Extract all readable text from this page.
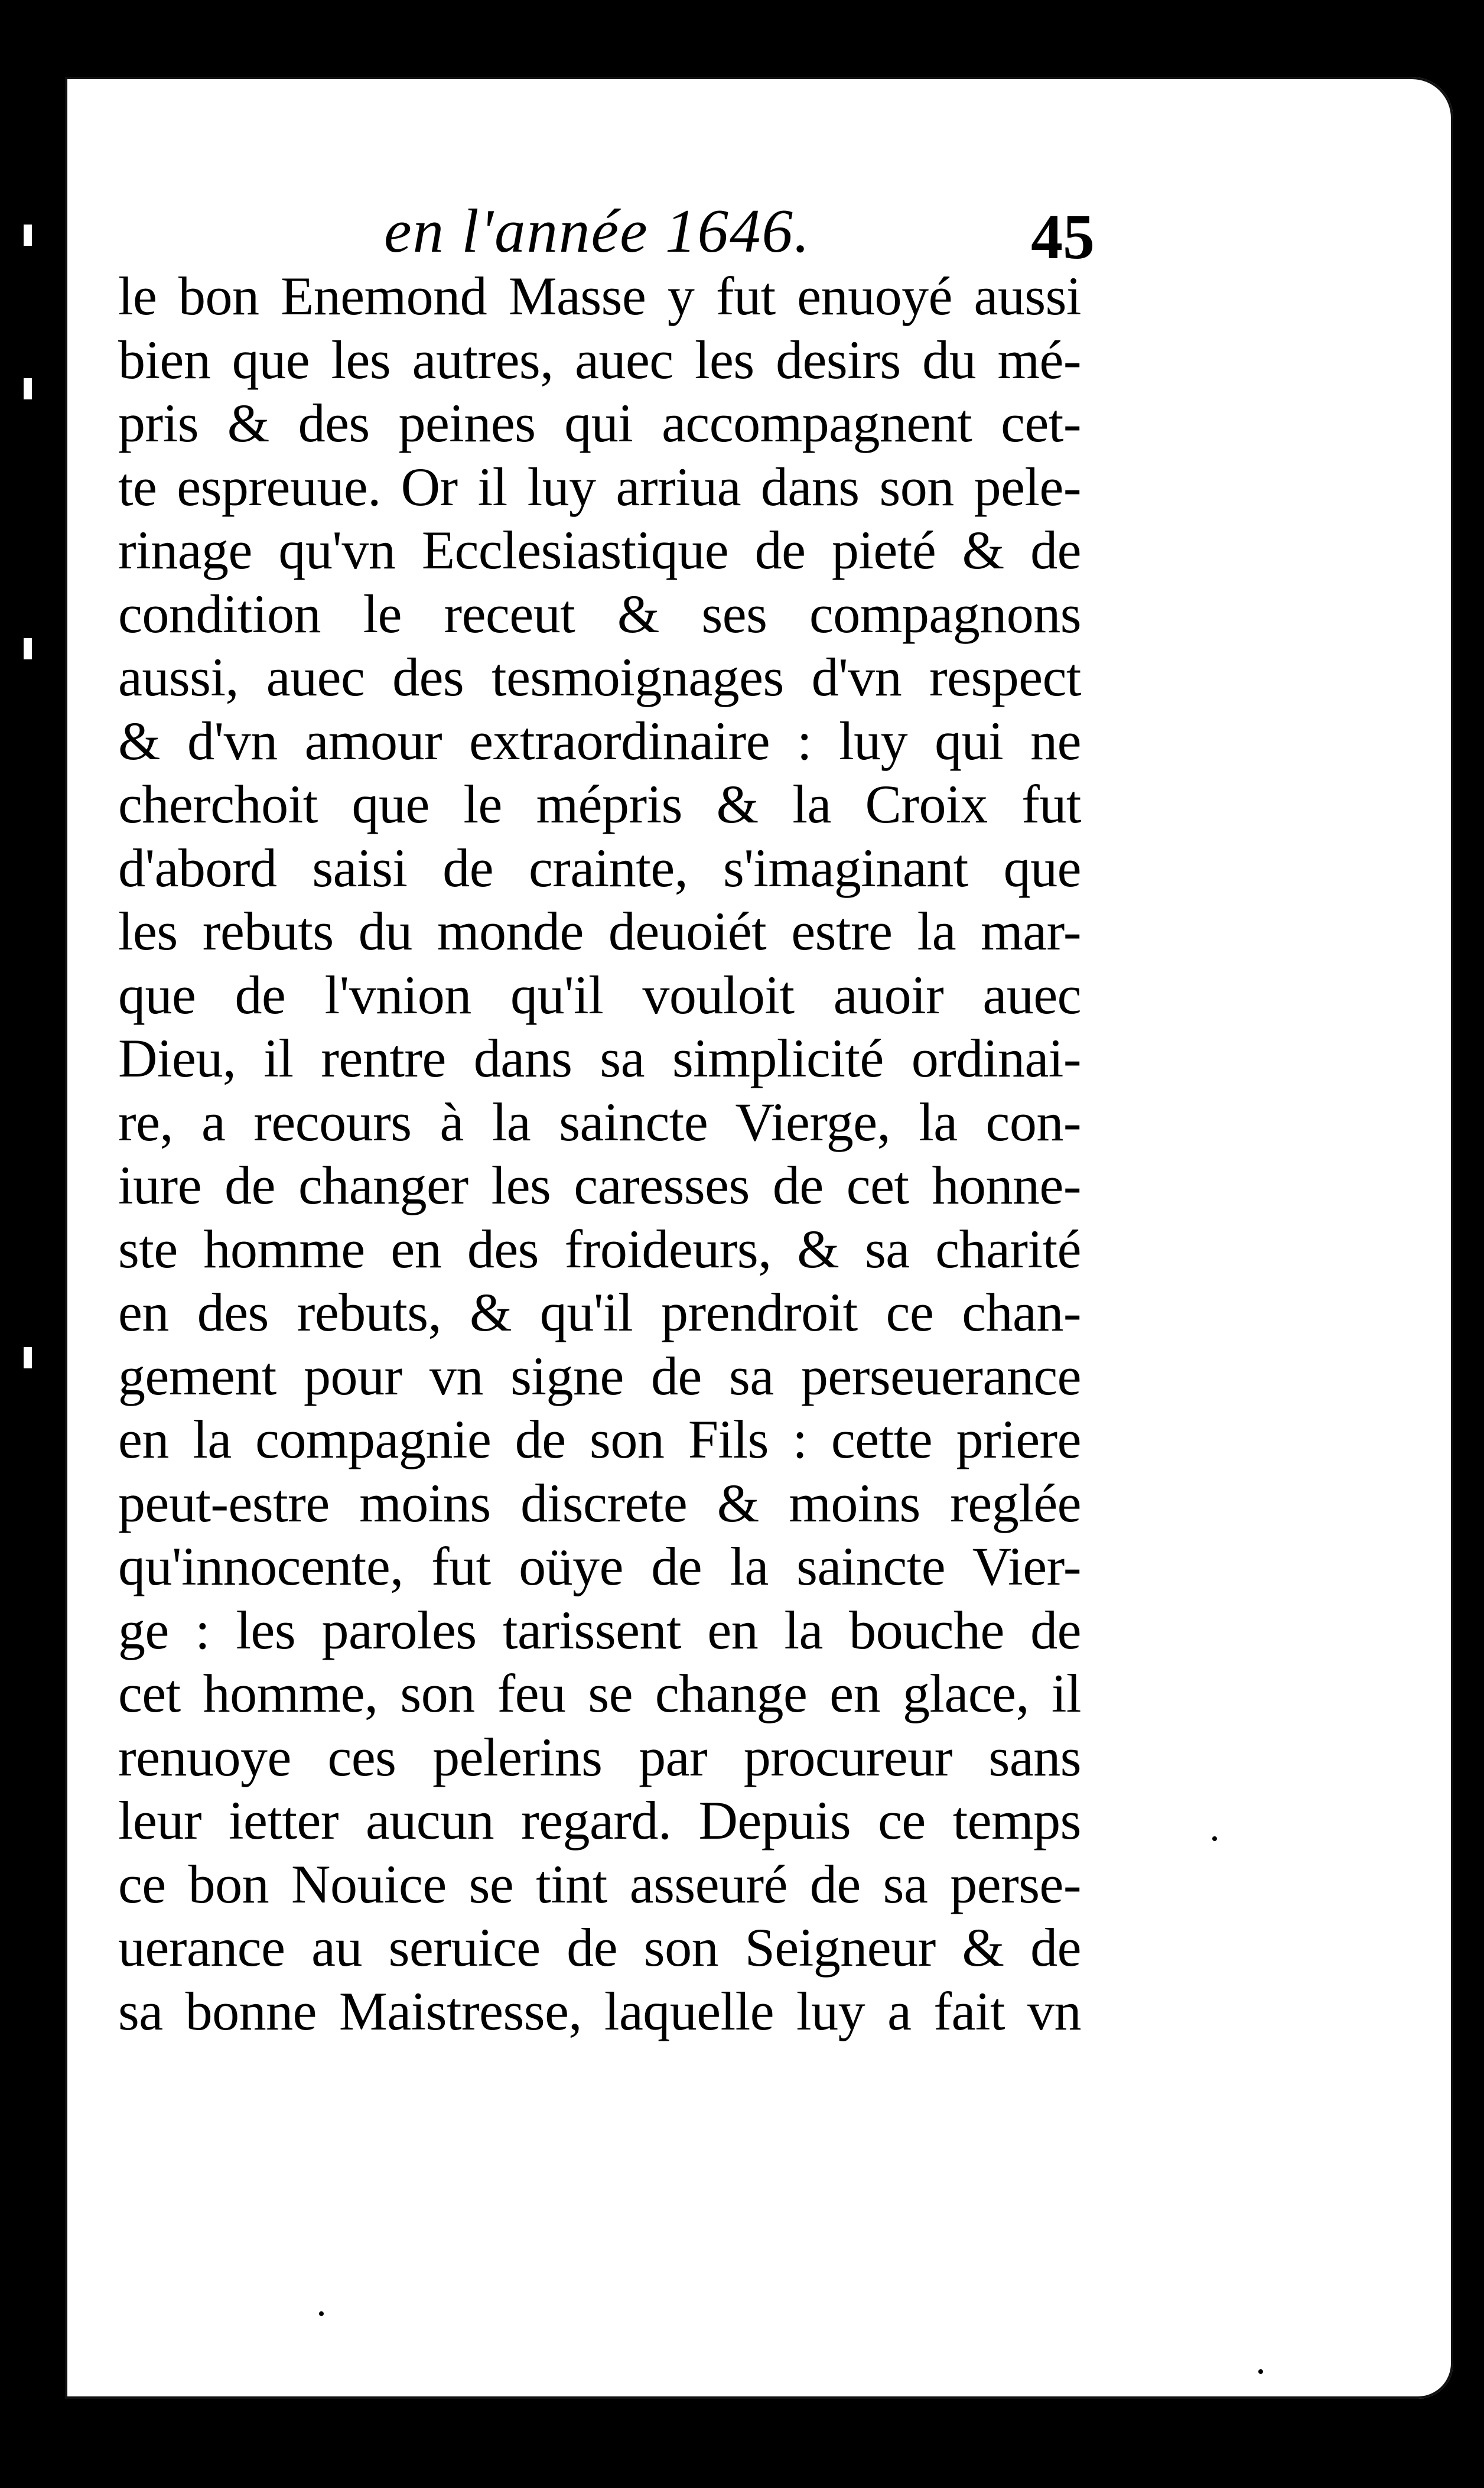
en l'année 1646.	45
le bon Enemond Masse y fut enuoyé aussi
bien que les autres, auec les desirs du mé-
pris & des peines qui accompagnent cet-
te espreuue. Or il luy arriua dans son pele-
rinage qu'vn Ecclesiastique de pieté & de
condition le receut & ses compagnons
aussi, auec des tesmoignages d'vn respect
& d'vn amour extraordinaire : luy qui ne
cherchoit que le mépris & la Croix fut
d'abord saisi de crainte, s'imaginant que
les rebuts du monde deuoiét estre la mar-
que de l'vnion qu'il vouloit auoir auec
Dieu, il rentre dans sa simplicité ordinai-
re, a recours à la saincte Vierge, la con-
iure de changer les caresses de cet honne-
ste homme en des froideurs, & sa charité
en des rebuts, & qu'il prendroit ce chan-
gement pour vn signe de sa perseuerance
en la compagnie de son Fils : cette priere
peut-estre moins discrete & moins reglée
qu'innocente, fut oüye de la saincte Vier-
ge : les paroles tarissent en la bouche de
cet homme, son feu se change en glace, il
renuoye ces pelerins par procureur sans
leur ietter aucun regard. Depuis ce temps
ce bon Nouice se tint asseuré de sa perse-
uerance au seruice de son Seigneur & de
sa bonne Maistresse, laquelle luy a fait vn
